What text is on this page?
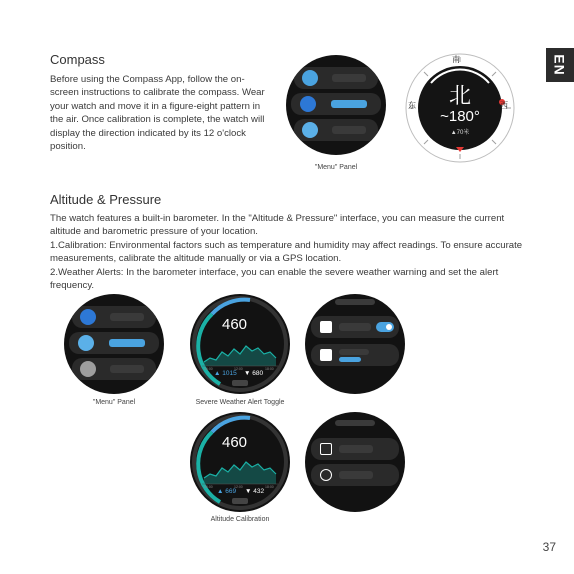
EN
Compass

Before using the Compass App, follow the on-screen instructions to calibrate the compass. Wear your watch and move it in a figure-eight pattern in the air. Once calibration is complete, the watch will display the direction indicated by its 12 o'clock position.

"Menu" Panel
南
东	西
北
~180°
▲70米
Altitude & Pressure

The watch features a built-in barometer. In the "Altitude & Pressure" interface, you can measure the current altitude and barometric pressure of your location.

1.Calibration: Environmental factors such as temperature and humidity may affect readings. To ensure accurate measurements, calibrate the altitude manually or via a GPS location.

2.Weather Alerts: In the barometer interface, you can enable the severe weather warning and set the alert frequency.

"Menu" Panel
460
06:00	12:00	18:00
▲ 1015 ▼ 680
Severe Weather Alert Toggle
460
06:00	12:00	18:00
▲ 669 ▼ 432
Altitude Calibration
37
